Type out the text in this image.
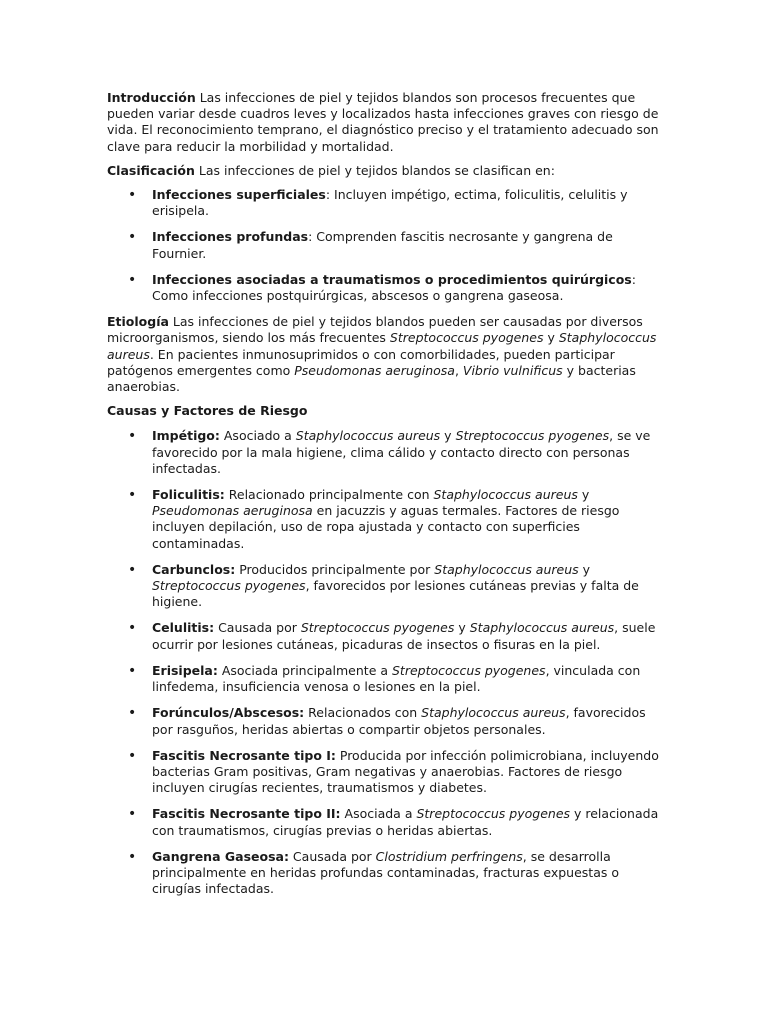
Introducción Las infecciones de piel y tejidos blandos son procesos frecuentes que pueden variar desde cuadros leves y localizados hasta infecciones graves con riesgo de vida. El reconocimiento temprano, el diagnóstico preciso y el tratamiento adecuado son clave para reducir la morbilidad y mortalidad.

Clasificación Las infecciones de piel y tejidos blandos se clasifican en:

• Infecciones superficiales: Incluyen impétigo, ectima, foliculitis, celulitis y erisipela.
• Infecciones profundas: Comprenden fascitis necrosante y gangrena de Fournier.
• Infecciones asociadas a traumatismos o procedimientos quirúrgicos: Como infecciones postquirúrgicas, abscesos o gangrena gaseosa.

Etiología Las infecciones de piel y tejidos blandos pueden ser causadas por diversos microorganismos, siendo los más frecuentes Streptococcus pyogenes y Staphylococcus aureus. En pacientes inmunosuprimidos o con comorbilidades, pueden participar patógenos emergentes como Pseudomonas aeruginosa, Vibrio vulnificus y bacterias anaerobias.

Causas y Factores de Riesgo
• Impétigo: Asociado a Staphylococcus aureus y Streptococcus pyogenes, se ve favorecido por la mala higiene, clima cálido y contacto directo con personas infectadas.
• Foliculitis: Relacionado principalmente con Staphylococcus aureus y Pseudomonas aeruginosa en jacuzzis y aguas termales. Factores de riesgo incluyen depilación, uso de ropa ajustada y contacto con superficies contaminadas.
• Carbunclos: Producidos principalmente por Staphylococcus aureus y Streptococcus pyogenes, favorecidos por lesiones cutáneas previas y falta de higiene.
• Celulitis: Causada por Streptococcus pyogenes y Staphylococcus aureus, suele ocurrir por lesiones cutáneas, picaduras de insectos o fisuras en la piel.
• Erisipela: Asociada principalmente a Streptococcus pyogenes, vinculada con linfedema, insuficiencia venosa o lesiones en la piel.
• Forúnculos/Abscesos: Relacionados con Staphylococcus aureus, favorecidos por rasguños, heridas abiertas o compartir objetos personales.
• Fascitis Necrosante tipo I: Producida por infección polimicrobiana, incluyendo bacterias Gram positivas, Gram negativas y anaerobias. Factores de riesgo incluyen cirugías recientes, traumatismos y diabetes.
• Fascitis Necrosante tipo II: Asociada a Streptococcus pyogenes y relacionada con traumatismos, cirugías previas o heridas abiertas.
• Gangrena Gaseosa: Causada por Clostridium perfringens, se desarrolla principalmente en heridas profundas contaminadas, fracturas expuestas o cirugías infectadas.
